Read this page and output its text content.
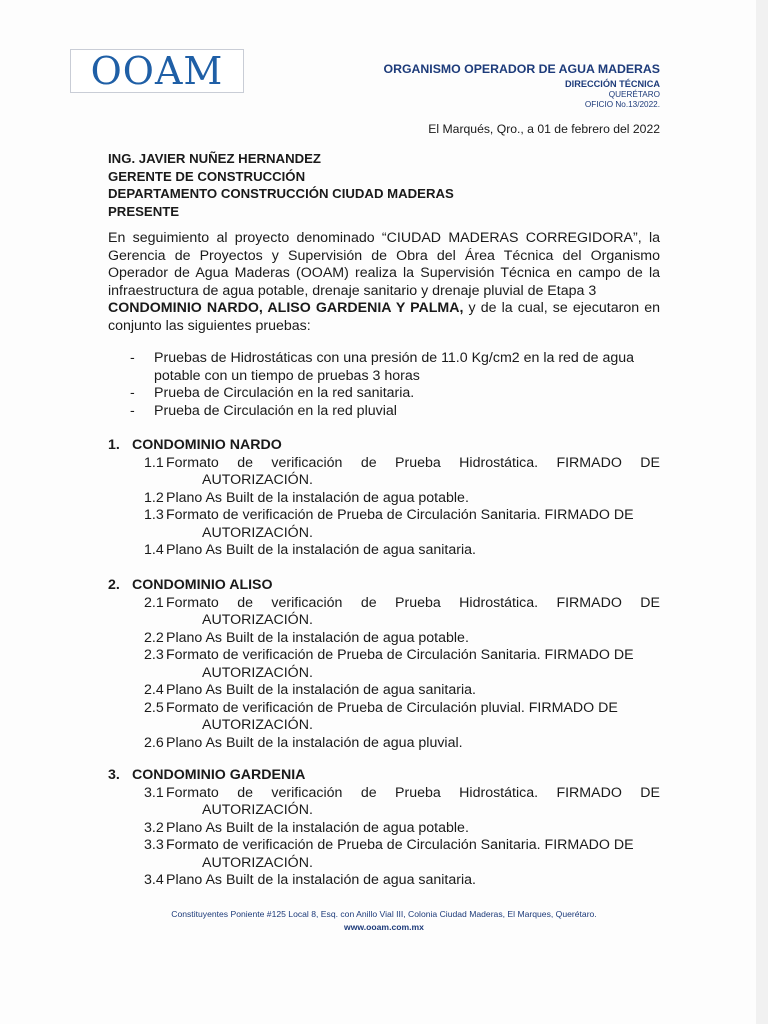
OOAM	ORGANISMO OPERADOR DE AGUA MADERAS
DIRECCIÓN TÉCNICA
QUERÉTARO
OFICIO No.13/2022.
El Marqués, Qro., a 01 de febrero del 2022
ING. JAVIER NUÑEZ HERNANDEZ
GERENTE DE CONSTRUCCIÓN
DEPARTAMENTO CONSTRUCCIÓN CIUDAD MADERAS
PRESENTE
En seguimiento al proyecto denominado “CIUDAD MADERAS CORREGIDORA”, la Gerencia de Proyectos y Supervisión de Obra del Área Técnica del Organismo Operador de Agua Maderas (OOAM) realiza la Supervisión Técnica en campo de la infraestructura de agua potable, drenaje sanitario y drenaje pluvial de Etapa 3
CONDOMINIO NARDO, ALISO GARDENIA Y PALMA, y de la cual, se ejecutaron en conjunto las siguientes pruebas:
-	Pruebas de Hidrostáticas con una presión de 11.0 Kg/cm2 en la red de agua potable con un tiempo de pruebas 3 horas
-	Prueba de Circulación en la red sanitaria.
-	Prueba de Circulación en la red pluvial
1. CONDOMINIO NARDO
1.1 Formato de verificación de Prueba Hidrostática. FIRMADO DE
AUTORIZACIÓN.
1.2 Plano As Built de la instalación de agua potable.
1.3 Formato de verificación de Prueba de Circulación Sanitaria. FIRMADO DE
AUTORIZACIÓN.
1.4 Plano As Built de la instalación de agua sanitaria.
2. CONDOMINIO ALISO
2.1 Formato de verificación de Prueba Hidrostática. FIRMADO DE
AUTORIZACIÓN.
2.2 Plano As Built de la instalación de agua potable.
2.3 Formato de verificación de Prueba de Circulación Sanitaria. FIRMADO DE
AUTORIZACIÓN.
2.4 Plano As Built de la instalación de agua sanitaria.
2.5 Formato de verificación de Prueba de Circulación pluvial. FIRMADO DE
AUTORIZACIÓN.
2.6 Plano As Built de la instalación de agua pluvial.
3. CONDOMINIO GARDENIA
3.1 Formato de verificación de Prueba Hidrostática. FIRMADO DE
AUTORIZACIÓN.
3.2 Plano As Built de la instalación de agua potable.
3.3 Formato de verificación de Prueba de Circulación Sanitaria. FIRMADO DE
AUTORIZACIÓN.
3.4 Plano As Built de la instalación de agua sanitaria.
Constituyentes Poniente #125 Local 8, Esq. con Anillo Vial III, Colonia Ciudad Maderas, El Marques, Querétaro.
www.ooam.com.mx
